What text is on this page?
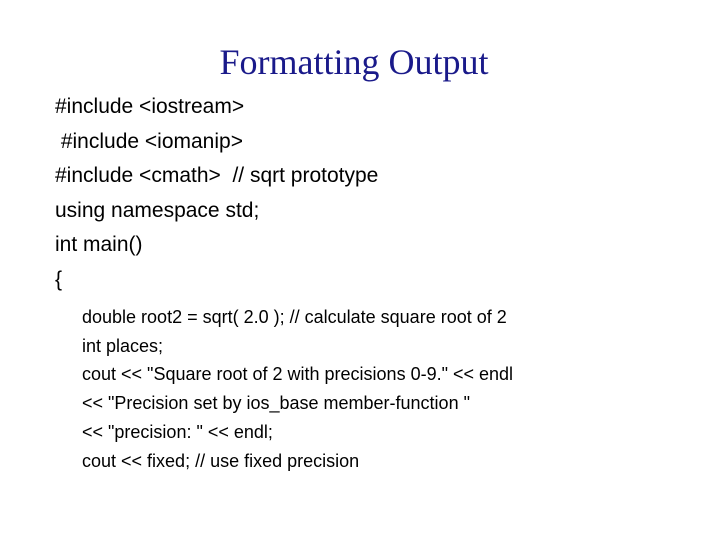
Formatting Output
#include <iostream>
#include <iomanip>
#include <cmath>  // sqrt prototype
using namespace std;
int main()
{
double root2 = sqrt( 2.0 ); // calculate square root of 2
int places;
cout << "Square root of 2 with precisions 0-9." << endl
<< "Precision set by ios_base member-function "
<< "precision: " << endl;
cout << fixed; // use fixed precision
